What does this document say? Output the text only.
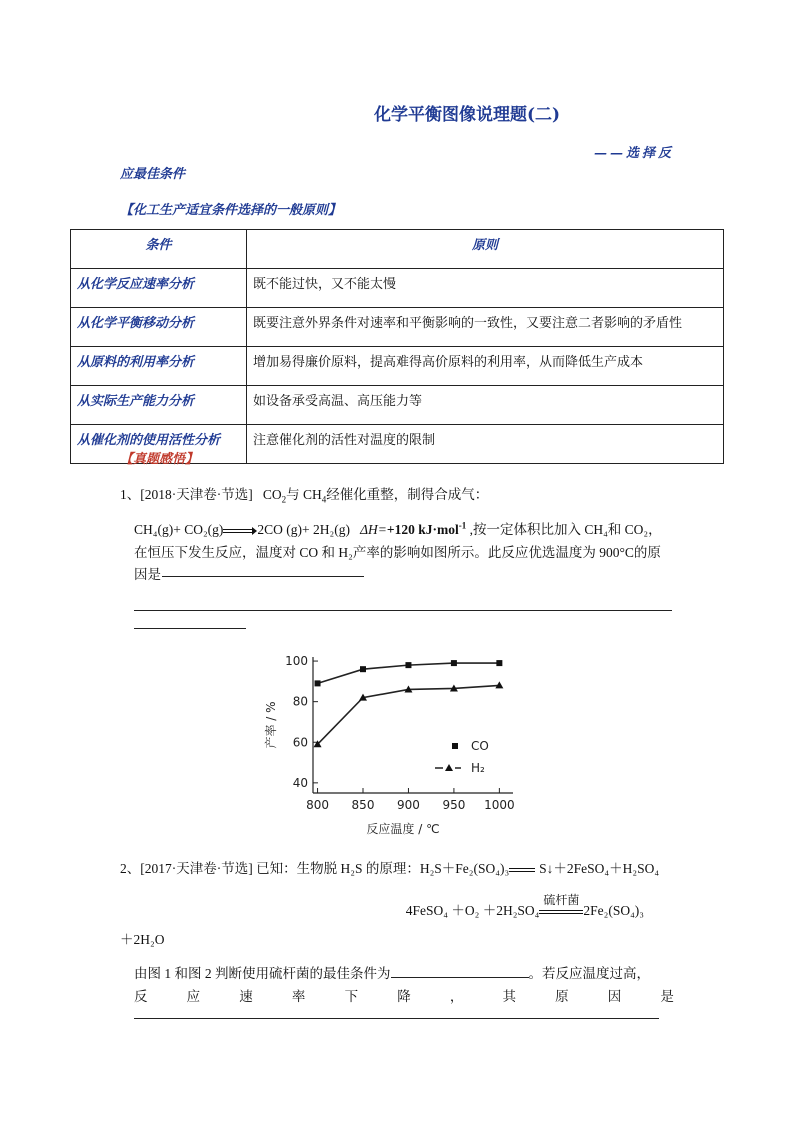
化学平衡图像说理题(二)
——选择反
应最佳条件
【化工生产适宜条件选择的一般原则】
条件	原则
从化学反应速率分析	既不能过快，又不能太慢
从化学平衡移动分析	既要注意外界条件对速率和平衡影响的一致性，又要注意二者影响的矛盾性
从原料的利用率分析	增加易得廉价原料，提高难得高价原料的利用率，从而降低生产成本
从实际生产能力分析	如设备承受高温、高压能力等
从催化剂的使用活性分析	注意催化剂的活性对温度的限制
【真题感悟】
1、[2018·天津卷·节选] $CO_2$与 $CH_4$经催化重整，制得合成气：
CH₄(g)+ CO₂(g)	2CO (g)+ 2H₂(g) ΔH=+120 kJ·mol$^{-1}$ ,按一定体积比加入 CH₄和 CO₂，
在恒压下发生反应，温度对 CO 和 H₂产率的影响如图所示。此反应优选温度为 900°C的原
因是
40
60
80
100
800 850 900 950 1000
反应温度 / ℃
产率 / %	CO
H₂
2、[2017·天津卷·节选] 已知：生物脱 H₂S 的原理：H₂S＋Fe₂(SO₄)₃ S↓＋2FeSO₄＋H₂SO₄
4FeSO₄ ＋O₂ ＋2H₂SO₄
硫杆菌
2Fe₂(SO₄)₃
＋2H₂O
由图 1 和图 2 判断使用硫杆菌的最佳条件为	。若反应温度过高，
反	应	速	率	下	降	，	其	原	因	是
